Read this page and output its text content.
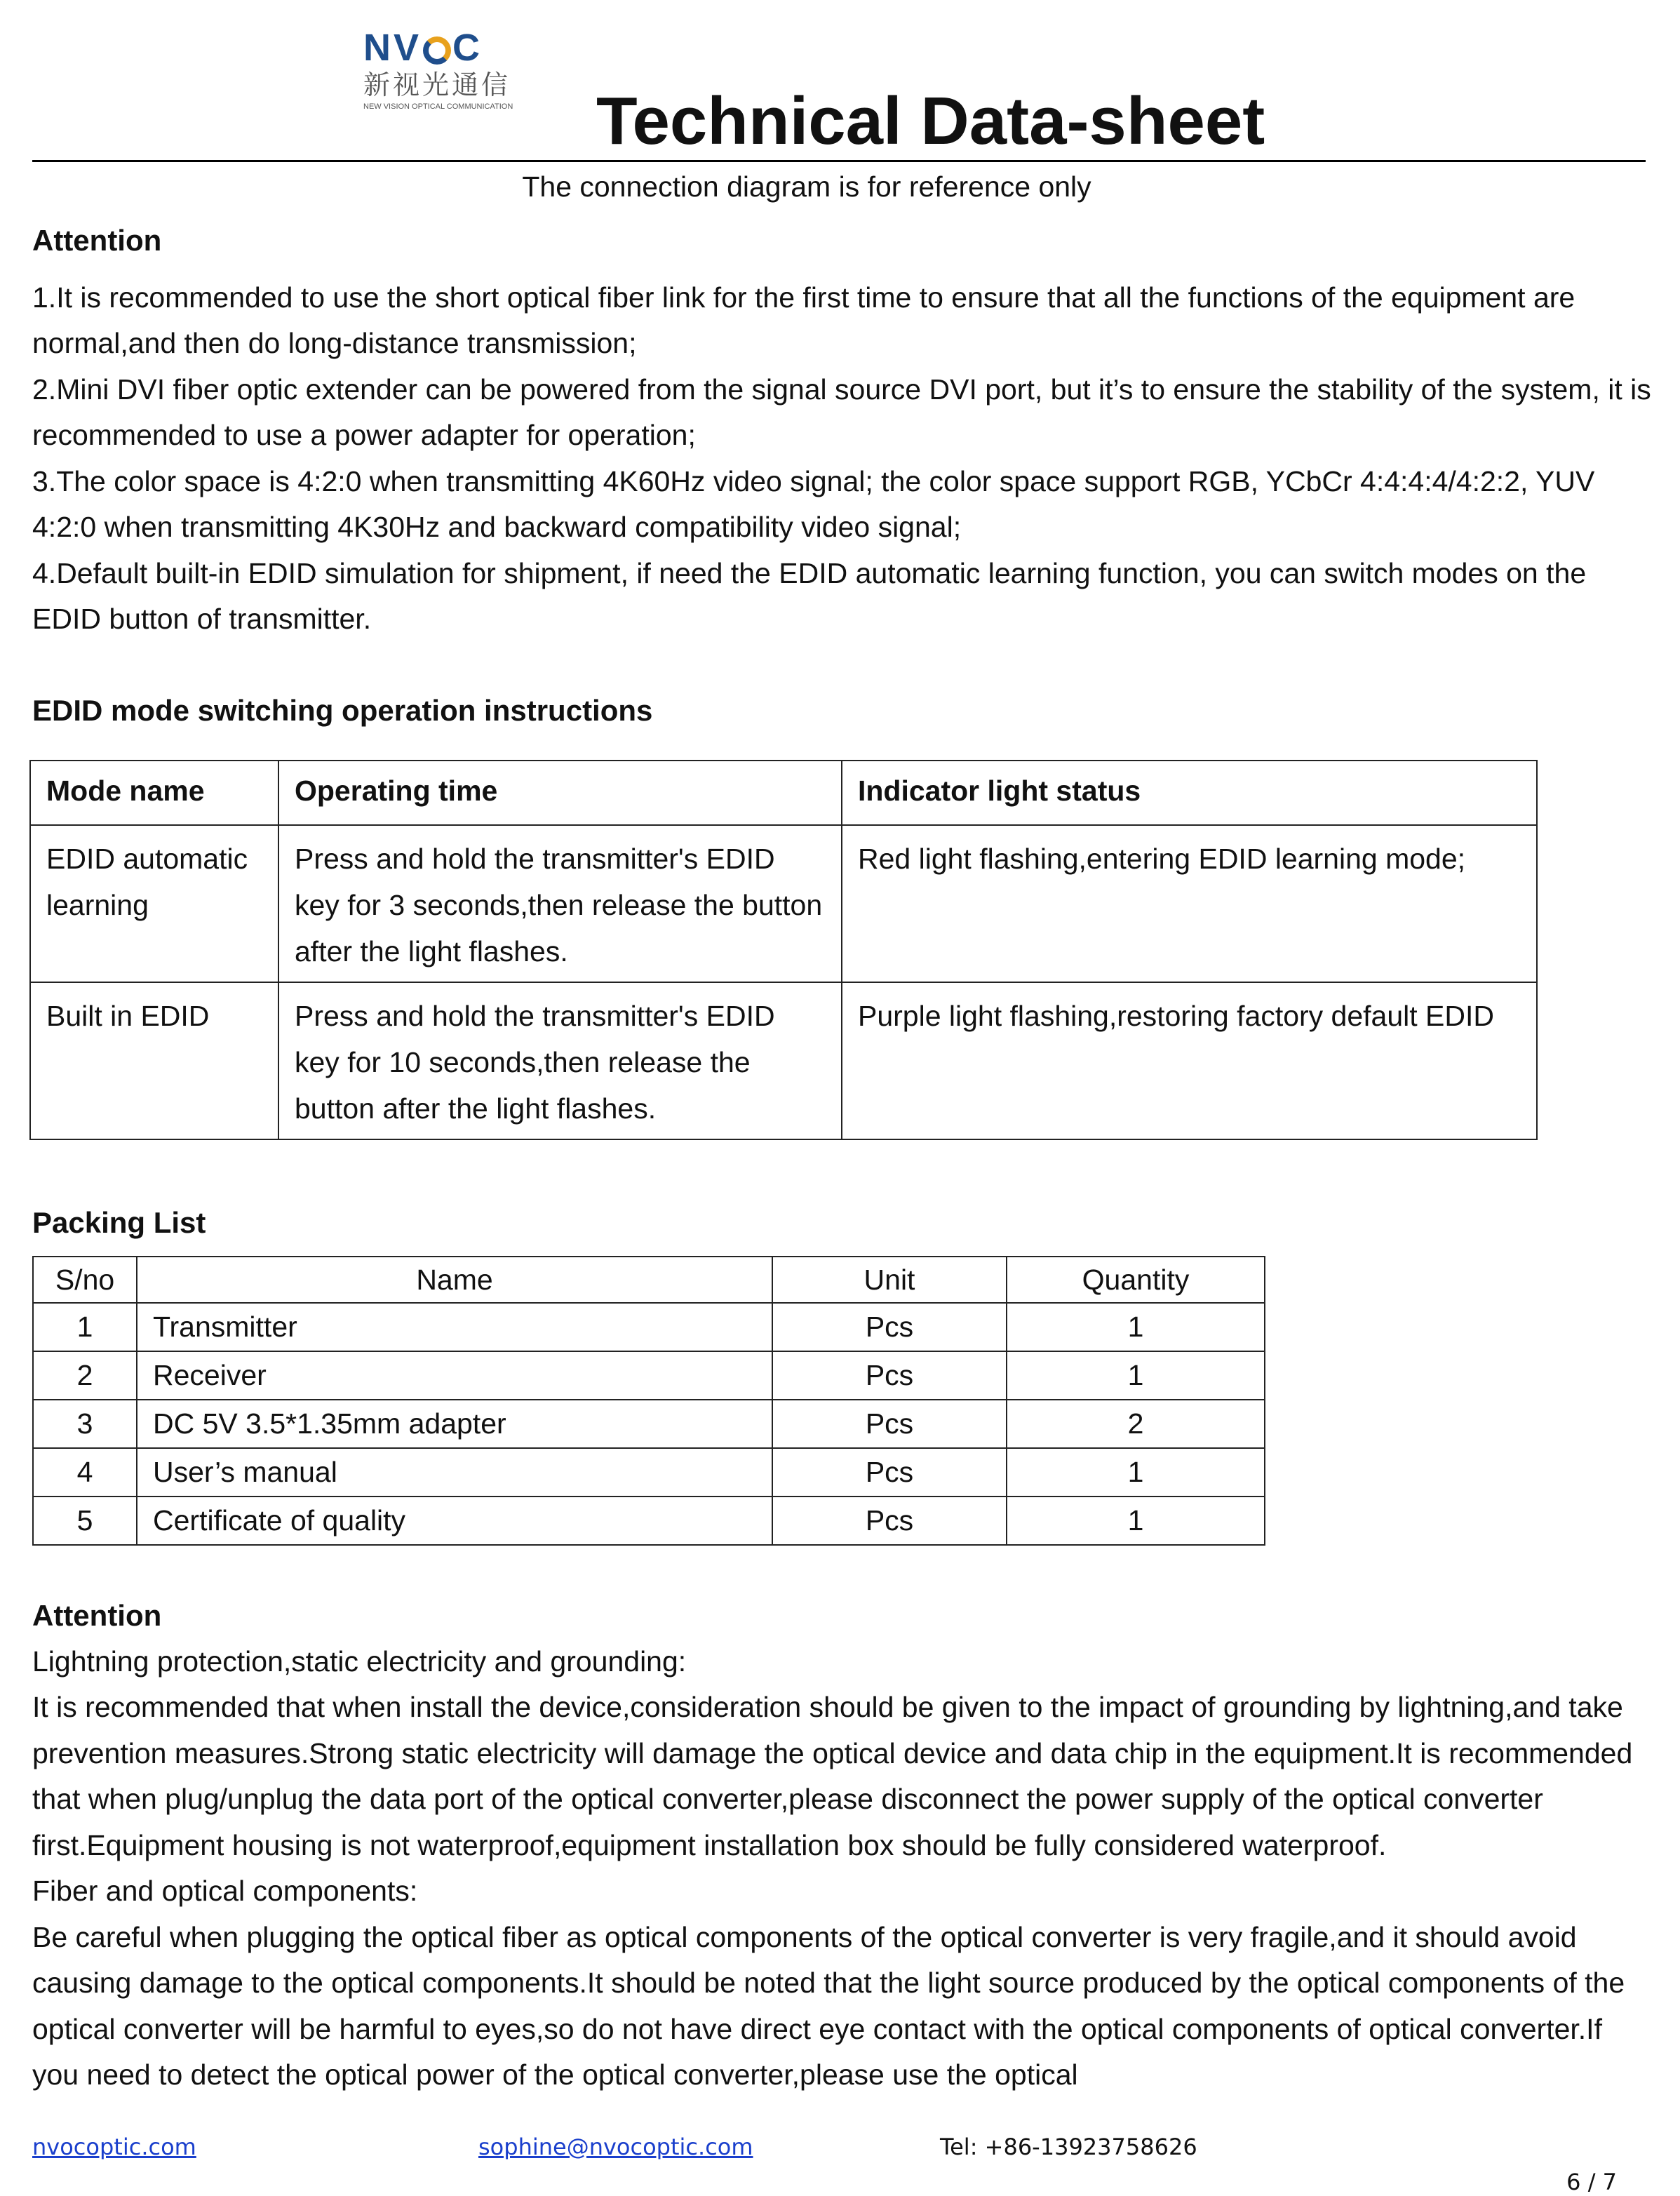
NV C
新视光通信
NEW VISION OPTICAL COMMUNICATION Technical Data-sheet
The connection diagram is for reference only

Attention

1.It is recommended to use the short optical fiber link for the first time to ensure that all the functions of the equipment are normal,and then do long-distance transmission;

2.Mini DVI fiber optic extender can be powered from the signal source DVI port, but it’s to ensure the stability of the system, it is recommended to use a power adapter for operation;

3.The color space is 4:2:0 when transmitting 4K60Hz video signal; the color space support RGB, YCbCr 4:4:4:4/4:2:2, YUV 4:2:0 when transmitting 4K30Hz and backward compatibility video signal;

4.Default built-in EDID simulation for shipment, if need the EDID automatic learning function, you can switch modes on the EDID button of transmitter.

EDID mode switching operation instructions
Mode name	Operating time	Indicator light status
EDID automatic learning	Press and hold the transmitter's EDID key for 3 seconds,then release the button after the light flashes.	Red light flashing,entering EDID learning mode;
Built in EDID	Press and hold the transmitter's EDID key for 10 seconds,then release the button after the light flashes.	Purple light flashing,restoring factory default EDID
Packing List
S/no	Name	Unit	Quantity
1	Transmitter	Pcs	1
2	Receiver	Pcs	1
3	DC 5V 3.5*1.35mm adapter	Pcs	2
4	User’s manual	Pcs	1
5	Certificate of quality	Pcs	1

Attention

Lightning protection,static electricity and grounding:

It is recommended that when install the device,consideration should be given to the impact of grounding by lightning,and take prevention measures.Strong static electricity will damage the optical device and data chip in the equipment.It is recommended that when plug/unplug the data port of the optical converter,please disconnect the power supply of the optical converter first.Equipment housing is not waterproof,equipment installation box should be fully considered waterproof.

Fiber and optical components:

Be careful when plugging the optical fiber as optical components of the optical converter is very fragile,and it should avoid causing damage to the optical components.It should be noted that the light source produced by the optical components of the optical converter will be harmful to eyes,so do not have direct eye contact with the optical components of optical converter.If you need to detect the optical power of the optical converter,please use the optical

nvocoptic.com	sophine@nvocoptic.com	Tel: +86-13923758626
6 / 7
